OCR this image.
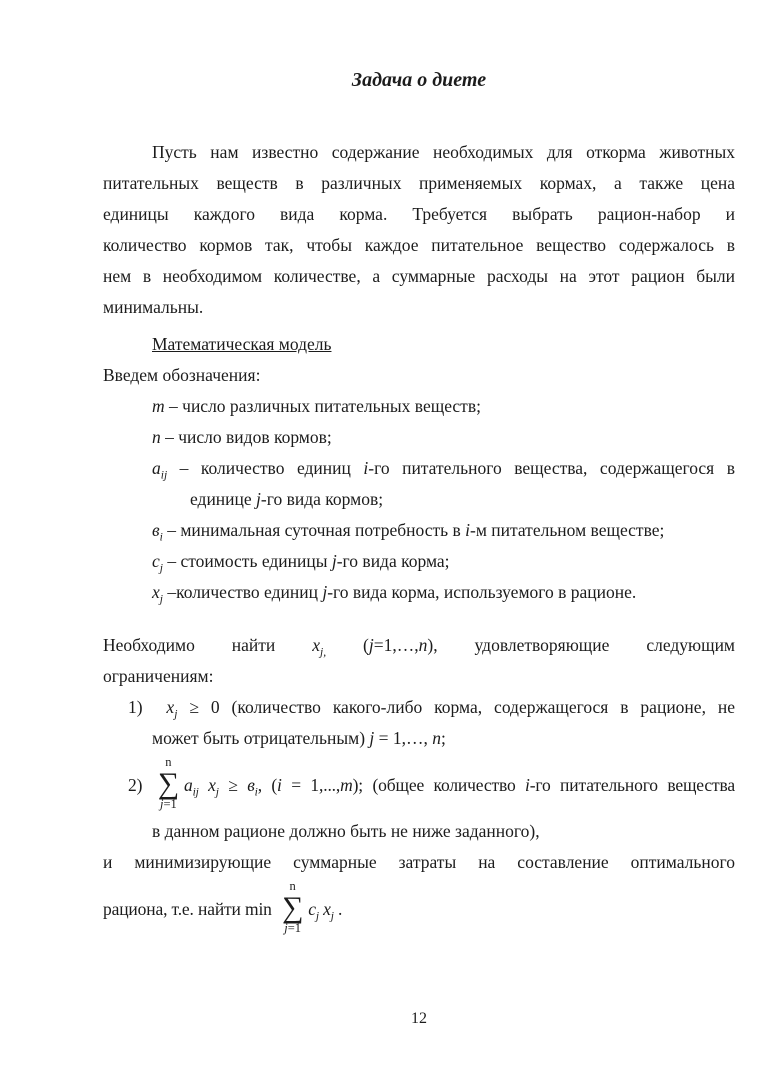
Задача о диете
Пусть нам известно содержание необходимых для откорма животных
питательных веществ в различных применяемых кормах, а также цена
единицы каждого вида корма. Требуется выбрать рацион-набор и
количество кормов так, чтобы каждое питательное вещество содержалось в
нем в необходимом количестве, а суммарные расходы на этот рацион были
минимальны.
Математическая модель
Введем обозначения:
m – число различных питательных веществ;
n – число видов кормов;
$a_{ij}$ – количество единиц i-го питательного вещества, содержащегося в
единице j-го вида кормов;
$в_i$ – минимальная суточная потребность в i-м питательном веществе;
$c_j$ – стоимость единицы j-го вида корма;
$x_j$ –количество единиц j-го вида корма, используемого в рационе.
Необходимо найти $x_{j,}$ (j=1,…,n), удовлетворяющие следующим
ограничениям:
1)  $x_j \ge 0$ (количество какого-либо корма, содержащегося в рационе, не
может быть отрицательным) j = 1,…, n;
2)
n
∑
j=1
$a_{ij}$ $x_j \ge в_i$, (i = 1,...,m); (общее количество i-го питательного вещества
в данном рационе должно быть не ниже заданного),
и минимизирующие суммарные затраты на составление оптимального
рациона, т.е. найти min
n
∑
j=1
$c_j$ $x_j$ .
12
